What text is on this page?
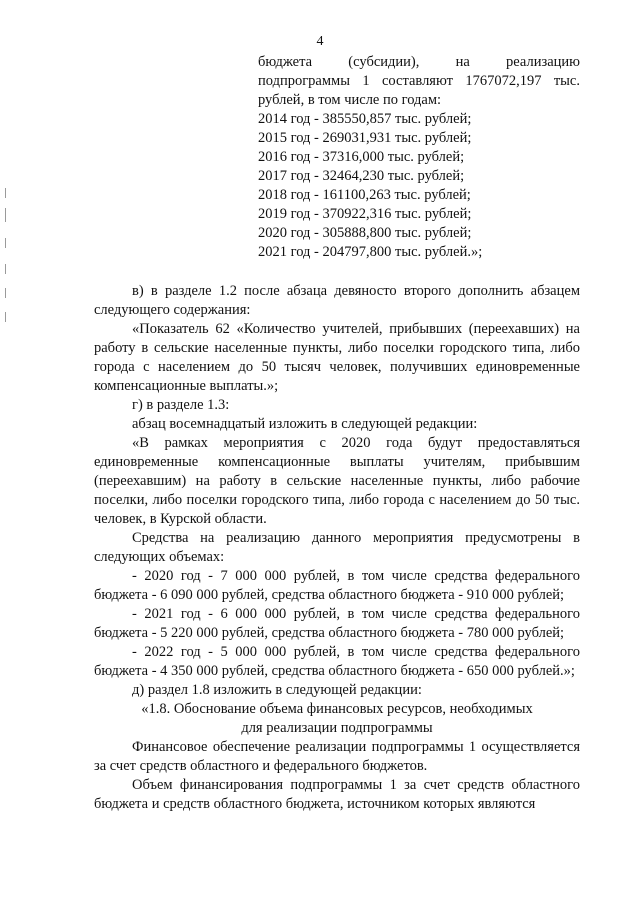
4
бюджета (субсидии), на реализацию
подпрограммы 1 составляют 1767072,197 тыс.
рублей, в том числе по годам:
2014 год - 385550,857 тыс. рублей;
2015 год - 269031,931 тыс. рублей;
2016 год - 37316,000 тыс. рублей;
2017 год - 32464,230 тыс. рублей;
2018 год - 161100,263 тыс. рублей;
2019 год - 370922,316 тыс. рублей;
2020 год - 305888,800 тыс. рублей;
2021 год - 204797,800 тыс. рублей.»;

в) в разделе 1.2 после абзаца девяносто второго дополнить абзацем следующего содержания:

«Показатель 62 «Количество учителей, прибывших (переехавших) на работу в сельские населенные пункты, либо поселки городского типа, либо города с населением до 50 тысяч человек, получивших единовременные компенсационные выплаты.»;

г) в разделе 1.3:

абзац восемнадцатый изложить в следующей редакции:

«В рамках мероприятия с 2020 года будут предоставляться единовременные компенсационные выплаты учителям, прибывшим (переехавшим) на работу в сельские населенные пункты, либо рабочие поселки, либо поселки городского типа, либо города с населением до 50 тыс. человек, в Курской области.

Средства на реализацию данного мероприятия предусмотрены в следующих объемах:

- 2020 год - 7 000 000 рублей, в том числе средства федерального бюджета - 6 090 000 рублей, средства областного бюджета - 910 000 рублей;

- 2021 год - 6 000 000 рублей, в том числе средства федерального бюджета - 5 220 000 рублей, средства областного бюджета - 780 000 рублей;

- 2022 год - 5 000 000 рублей, в том числе средства федерального бюджета - 4 350 000 рублей, средства областного бюджета - 650 000 рублей.»;

д) раздел 1.8 изложить в следующей редакции:

«1.8. Обоснование объема финансовых ресурсов, необходимых

для реализации подпрограммы

Финансовое обеспечение реализации подпрограммы 1 осуществляется за счет средств областного и федерального бюджетов.

Объем финансирования подпрограммы 1 за счет средств областного бюджета и средств областного бюджета, источником которых являются
